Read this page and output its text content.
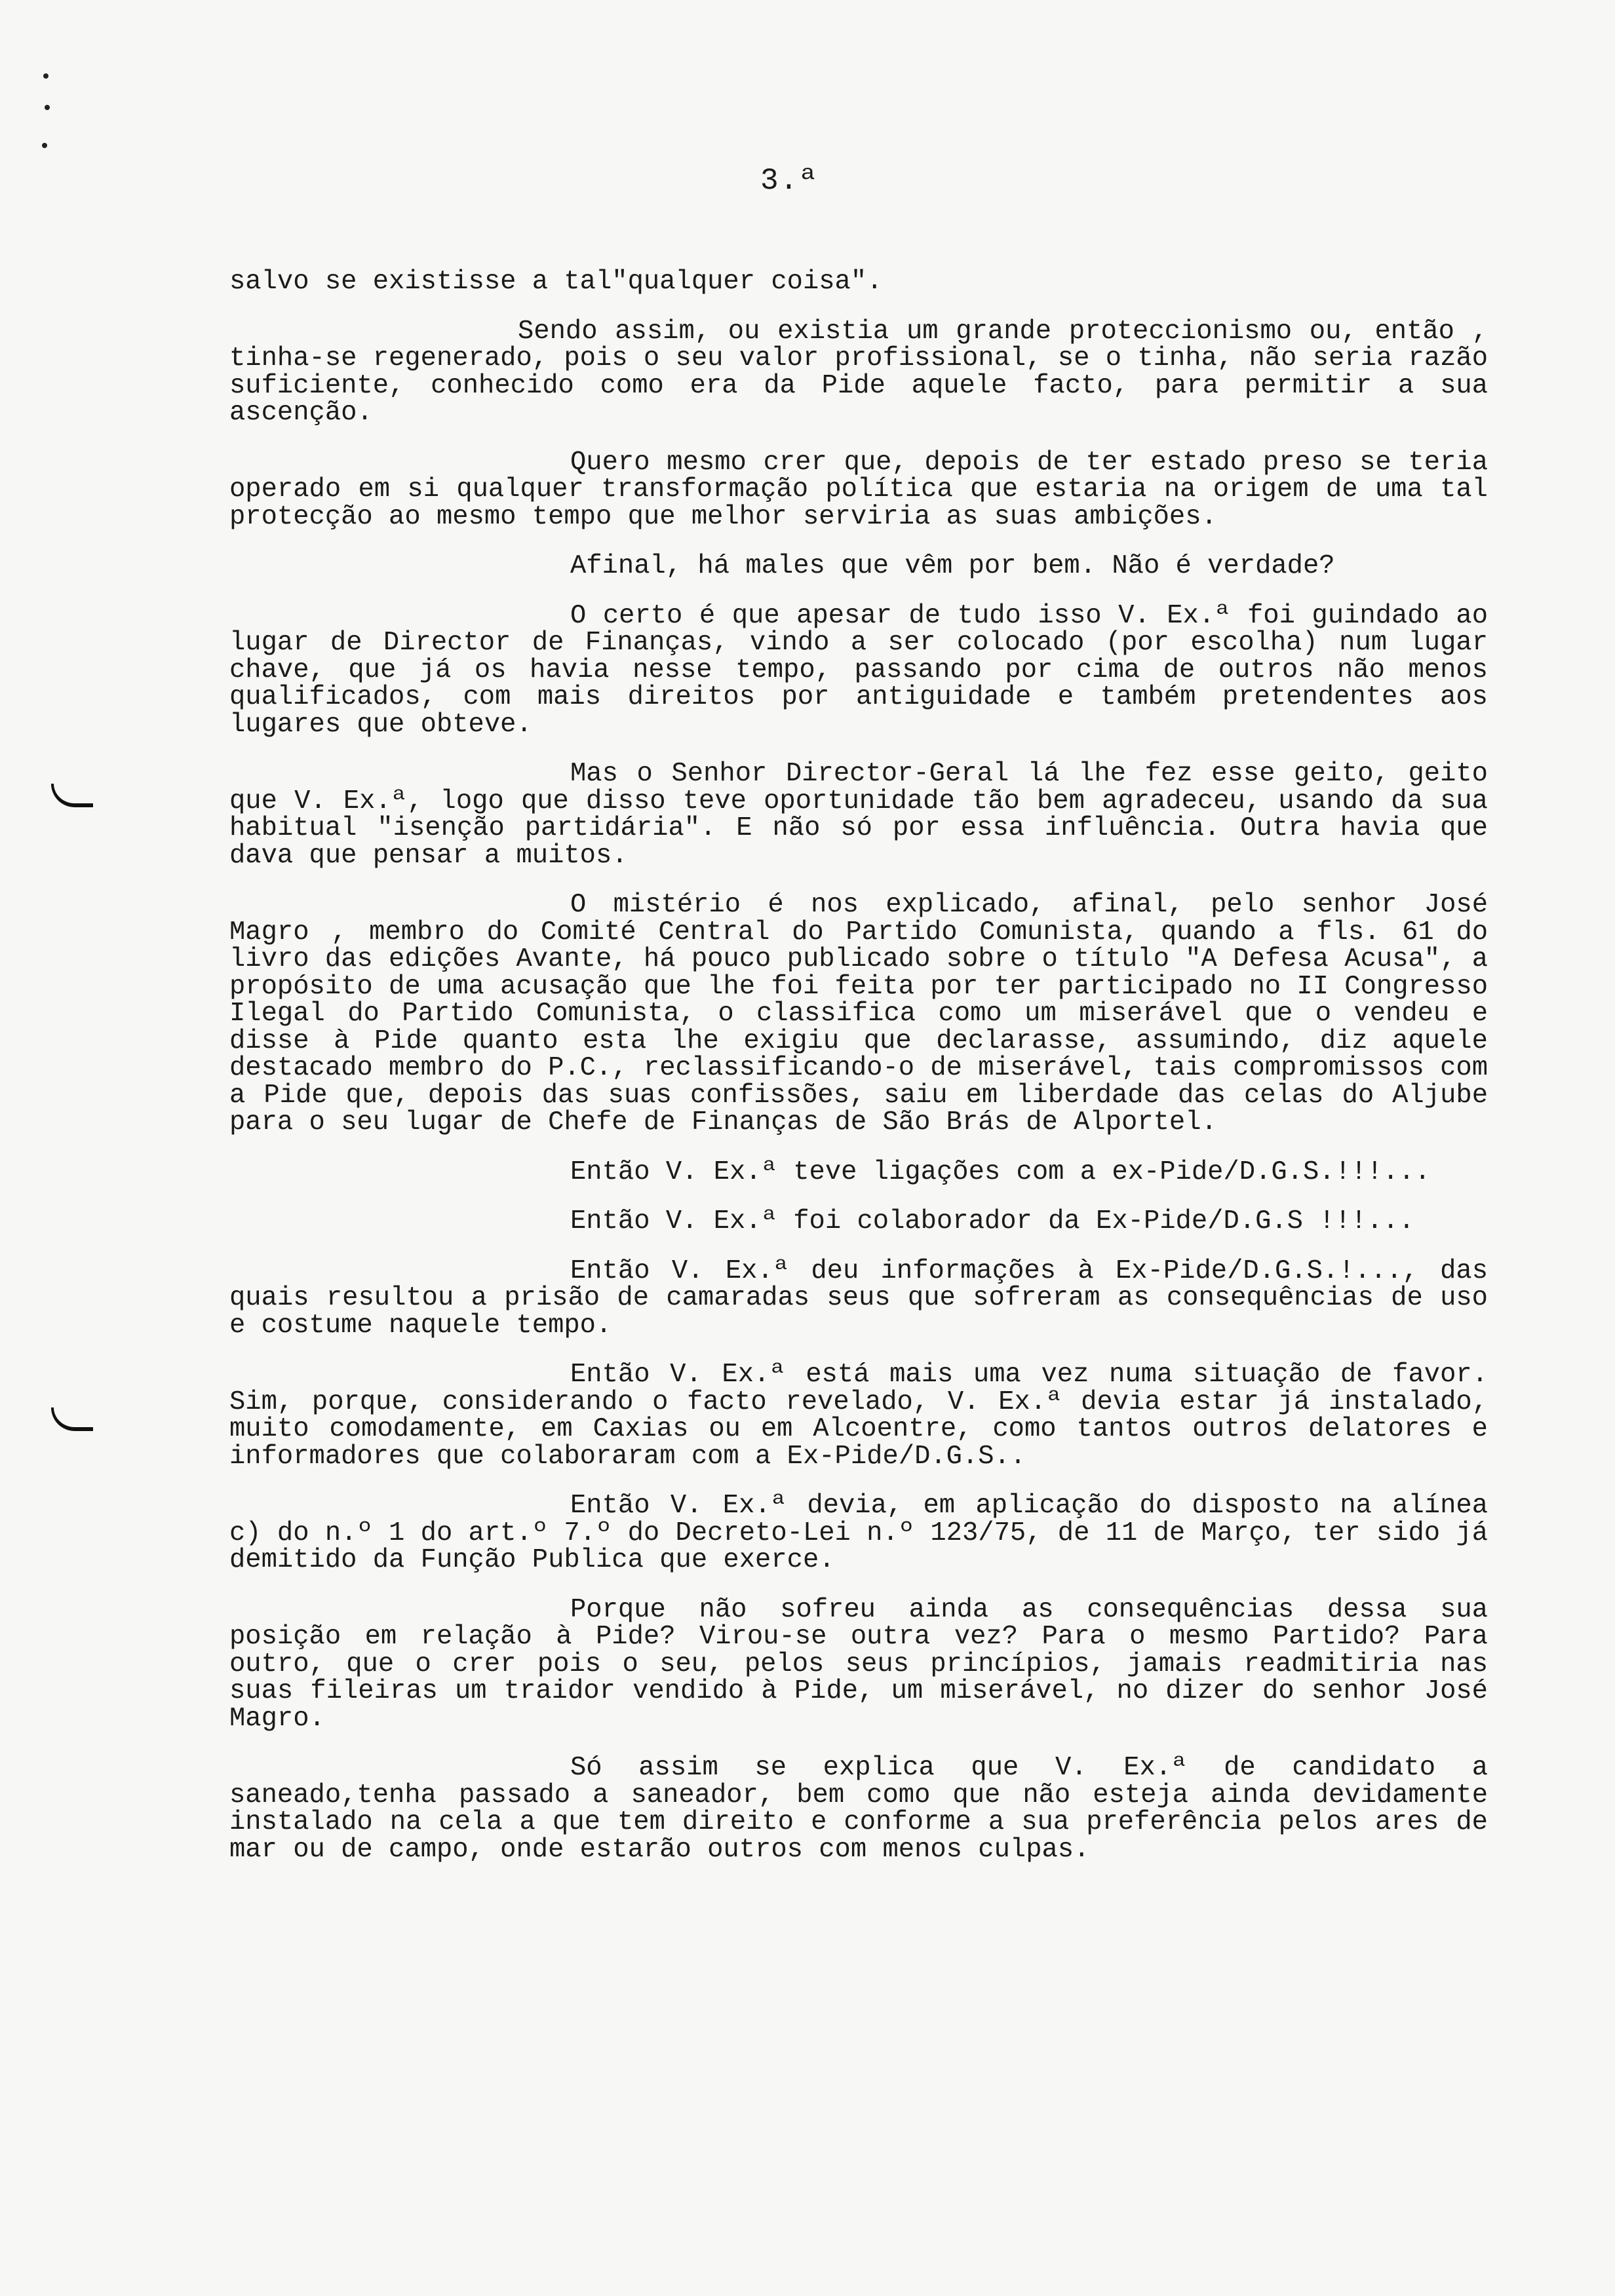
3.ª

salvo se existisse a tal"qualquer coisa".

Sendo assim, ou existia um grande proteccionismo ou, então , tinha-se regenerado, pois o seu valor profissional, se o tinha, não seria razão suficiente, conhecido como era da Pide aquele facto, para permitir a sua ascenção.

Quero mesmo crer que, depois de ter estado preso se teria operado em si qualquer transformação política que estaria na origem de uma tal protecção ao mesmo tempo que melhor serviria as suas ambições.

Afinal, há males que vêm por bem. Não é verdade?

O certo é que apesar de tudo isso V. Ex.ª foi guindado ao lugar de Director de Finanças, vindo a ser colocado (por escolha) num lugar chave, que já os havia nesse tempo, passando por cima de outros não menos qualificados, com mais direitos por antiguidade e também pretendentes aos lugares que obteve.

Mas o Senhor Director-Geral lá lhe fez esse geito, geito que V. Ex.ª, logo que disso teve oportunidade tão bem agradeceu, usando da sua habitual "isenção partidária". E não só por essa influência. Outra havia que dava que pensar a muitos.

O mistério é nos explicado, afinal, pelo senhor José Magro , membro do Comité Central do Partido Comunista, quando a fls. 61 do livro das edições Avante, há pouco publicado sobre o título "A Defesa Acusa", a propósito de uma acusação que lhe foi feita por ter participado no II Congresso Ilegal do Partido Comunista, o classifica como um miserável que o vendeu e disse à Pide quanto esta lhe exigiu que declarasse, assumindo, diz aquele destacado membro do P.C., reclassificando-o de miserável, tais compromissos com a Pide que, depois das suas confissões, saiu em liberdade das celas do Aljube para o seu lugar de Chefe de Finanças de São Brás de Alportel.

Então V. Ex.ª teve ligações com a ex-Pide/D.G.S.!!!...

Então V. Ex.ª foi colaborador da Ex-Pide/D.G.S !!!...

Então V. Ex.ª deu informações à Ex-Pide/D.G.S.!..., das quais resultou a prisão de camaradas seus que sofreram as consequências de uso e costume naquele tempo.

Então V. Ex.ª está mais uma vez numa situação de favor. Sim, porque, considerando o facto revelado, V. Ex.ª devia estar já instalado, muito comodamente, em Caxias ou em Alcoentre, como tantos outros delatores e informadores que colaboraram com a Ex-Pide/D.G.S..

Então V. Ex.ª devia, em aplicação do disposto na alínea c) do n.º 1 do art.º 7.º do Decreto-Lei n.º 123/75, de 11 de Março, ter sido já demitido da Função Publica que exerce.

Porque não sofreu ainda as consequências dessa sua posição em relação à Pide? Virou-se outra vez? Para o mesmo Partido? Para outro, que o crer pois o seu, pelos seus princípios, jamais readmitiria nas suas fileiras um traidor vendido à Pide, um miserável, no dizer do senhor José Magro.

Só assim se explica que V. Ex.ª de candidato a saneado,tenha passado a saneador, bem como que não esteja ainda devidamente instalado na cela a que tem direito e conforme a sua preferência pelos ares de mar ou de campo, onde estarão outros com menos culpas.
